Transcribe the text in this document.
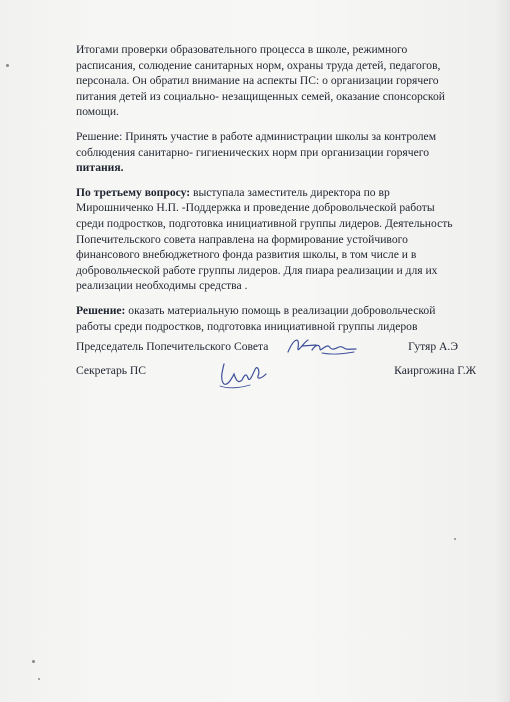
Итогами проверки образовательного процесса в школе, режимного
расписания, солюдение санитарных норм, охраны труда детей, педагогов,
персонала. Он обратил внимание на аспекты ПС: о организации горячего
питания детей из социально- незащищенных семей, оказание спонсорской
помощи.

Решение: Принять участие в работе администрации школы за контролем
соблюдения санитарно- гигиенических норм при организации горячего
питания.

По третьему вопросу: выступала заместитель директора по вр
Мирошниченко Н.П. -Поддержка и проведение добровольческой работы
среди подростков, подготовка инициативной группы лидеров. Деятельность
Попечительского совета направлена на формирование устойчивого
финансового внебюджетного фонда развития школы, в том числе и в
добровольческой работе группы лидеров. Для пиара реализации и для их
реализации необходимы средства .

Решение: оказать материальную помощь в реализации добровольческой
работы среди подростков, подготовка инициативной группы лидеров

Председатель Попечительского Совета	Гутяр А.Э
Секретарь ПС	Каиргожина Г.Ж
